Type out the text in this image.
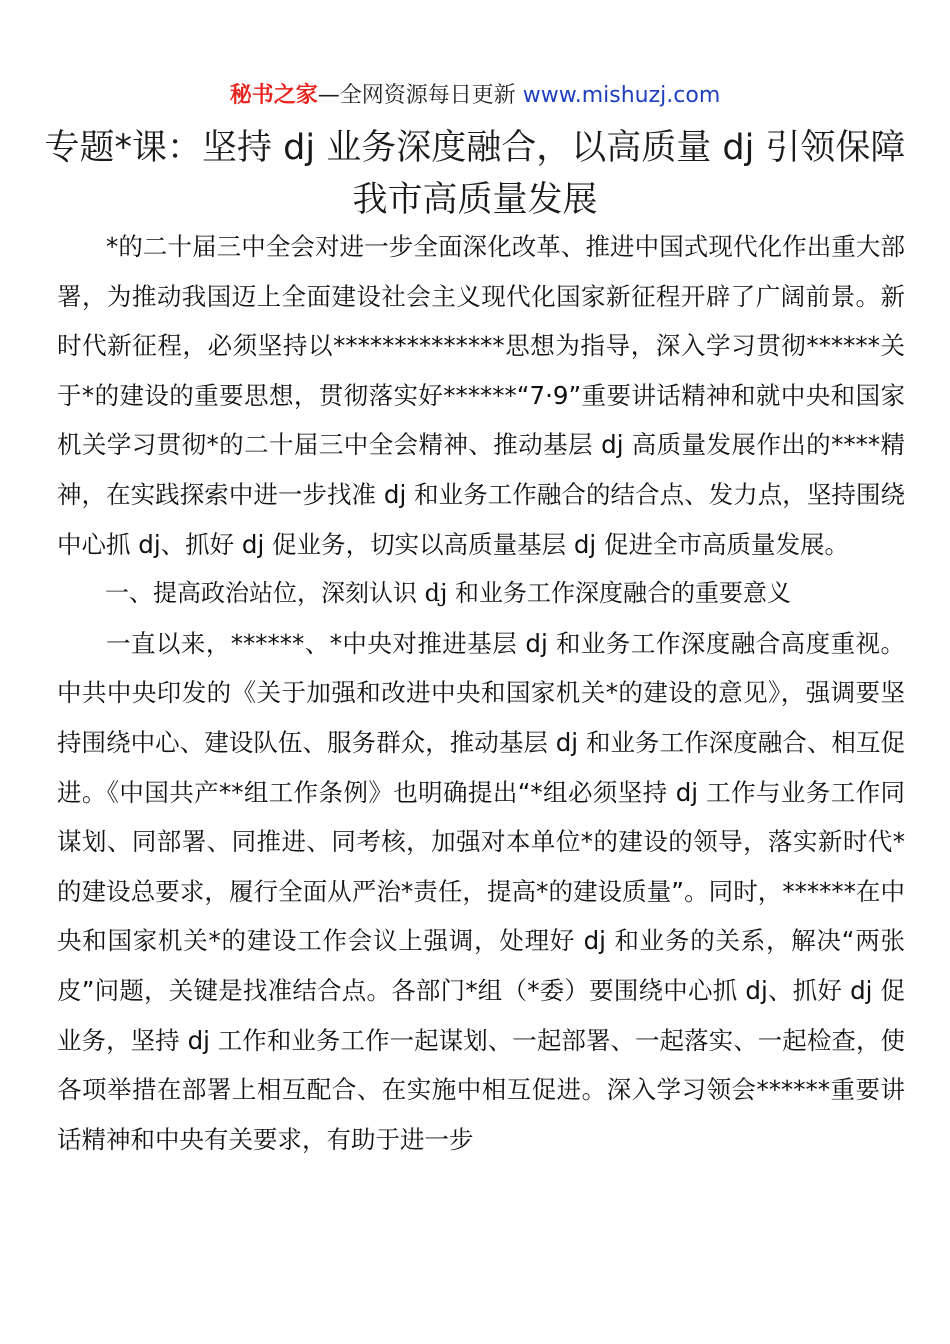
秘书之家—全网资源每日更新 www.mishuzj.com
专题*课：坚持 dj 业务深度融合，以高质量 dj 引领保障我市高质量发展

*的二十届三中全会对进一步全面深化改革、推进中国式现代化作出重大部署，为推动我国迈上全面建设社会主义现代化国家新征程开辟了广阔前景。新时代新征程，必须坚持以**************思想为指导，深入学习贯彻******关于*的建设的重要思想，贯彻落实好******“7·9”重要讲话精神和就中央和国家机关学习贯彻*的二十届三中全会精神、推动基层 dj 高质量发展作出的****精神，在实践探索中进一步找准 dj 和业务工作融合的结合点、发力点，坚持围绕中心抓 dj、抓好 dj 促业务，切实以高质量基层 dj 促进全市高质量发展。

一、提高政治站位，深刻认识 dj 和业务工作深度融合的重要意义

一直以来，******、*中央对推进基层 dj 和业务工作深度融合高度重视。中共中央印发的《关于加强和改进中央和国家机关*的建设的意见》，强调要坚持围绕中心、建设队伍、服务群众，推动基层 dj 和业务工作深度融合、相互促进。《中国共产**组工作条例》也明确提出“*组必须坚持 dj 工作与业务工作同谋划、同部署、同推进、同考核，加强对本单位*的建设的领导，落实新时代*的建设总要求，履行全面从严治*责任，提高*的建设质量”。同时，******在中央和国家机关*的建设工作会议上强调，处理好 dj 和业务的关系，解决“两张皮”问题，关键是找准结合点。各部门*组（*委）要围绕中心抓 dj、抓好 dj 促业务，坚持 dj 工作和业务工作一起谋划、一起部署、一起落实、一起检查，使各项举措在部署上相互配合、在实施中相互促进。深入学习领会******重要讲话精神和中央有关要求，有助于进一步
